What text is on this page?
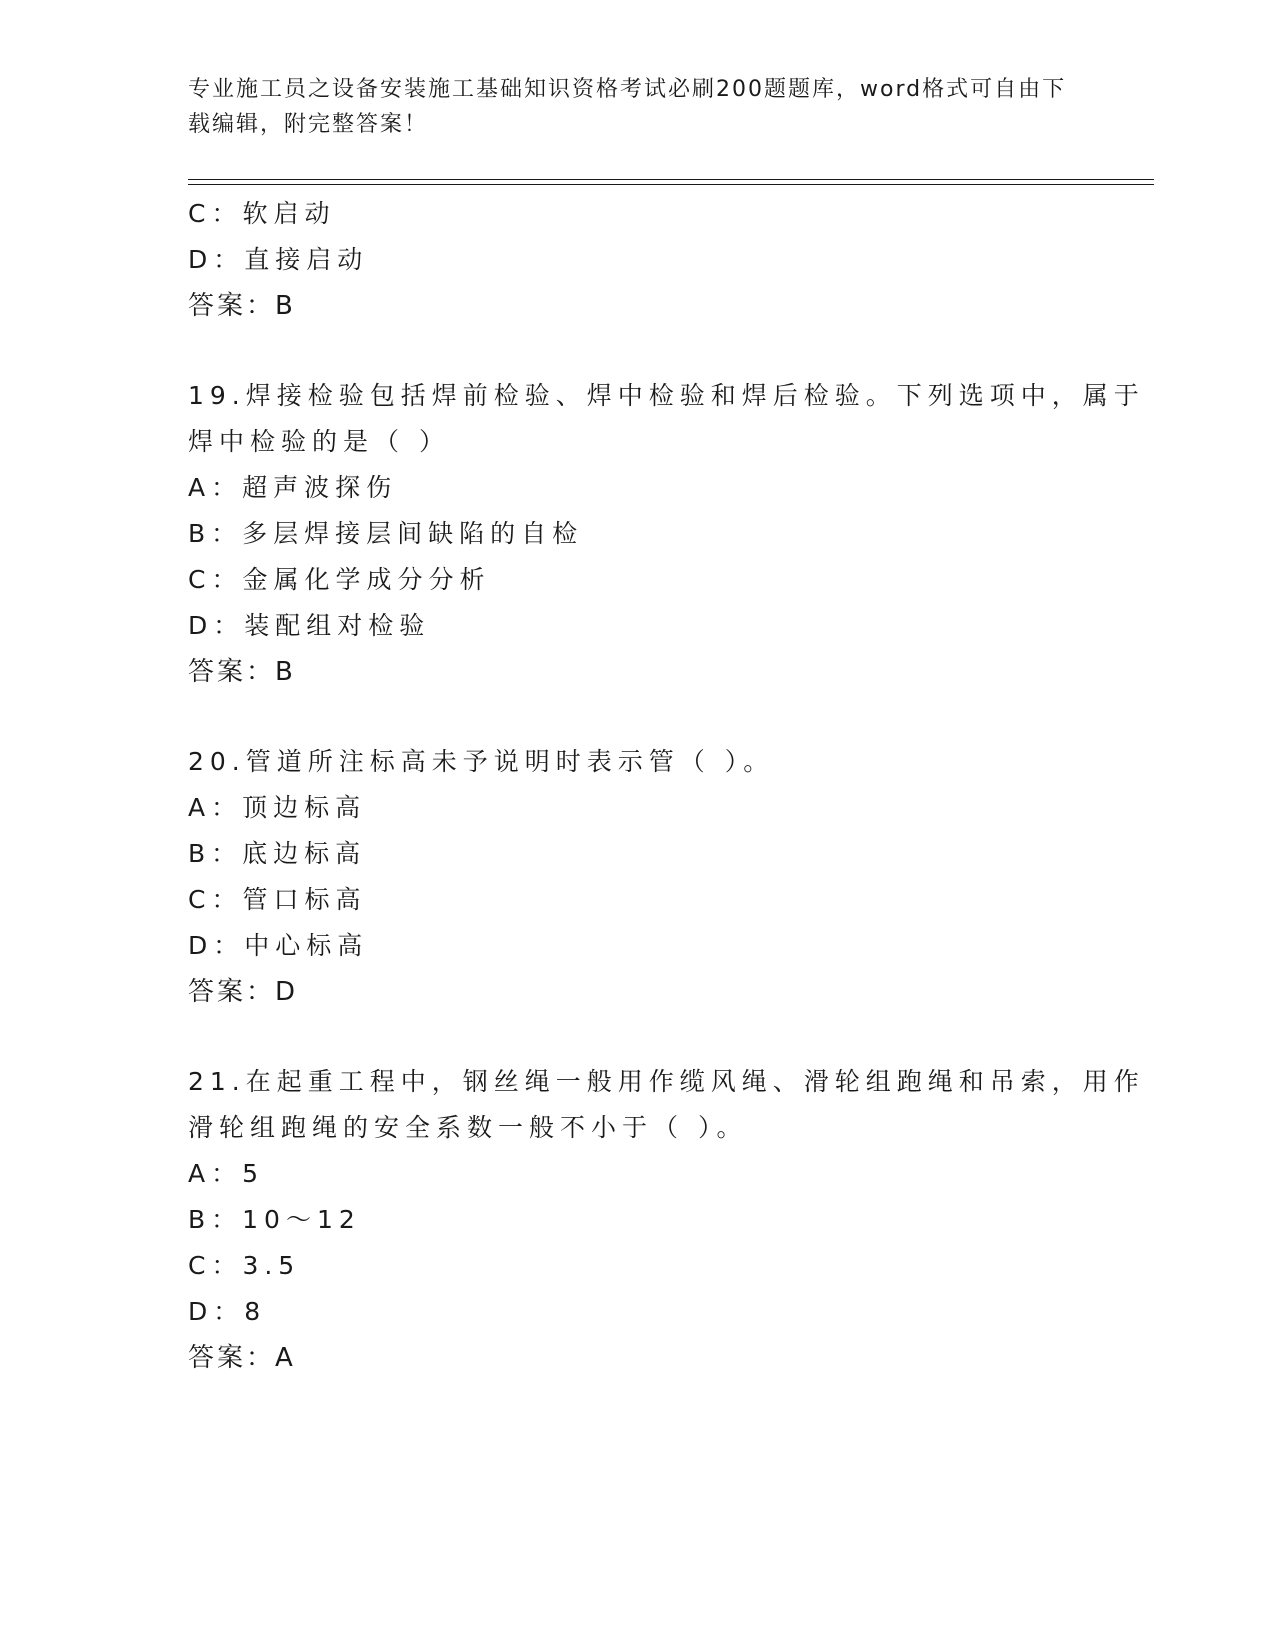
专业施工员之设备安装施工基础知识资格考试必刷200题题库，word格式可自由下载编辑，附完整答案！
C：软启动
D：直接启动
答案：B
19.焊接检验包括焊前检验、焊中检验和焊后检验。下列选项中，属于
焊中检验的是（ ）
A：超声波探伤
B：多层焊接层间缺陷的自检
C：金属化学成分分析
D：装配组对检验
答案：B
20.管道所注标高未予说明时表示管（ ）。
A：顶边标高
B：底边标高
C：管口标高
D：中心标高
答案：D
21.在起重工程中，钢丝绳一般用作缆风绳、滑轮组跑绳和吊索，用作
滑轮组跑绳的安全系数一般不小于（ ）。
A：5
B：10～12
C：3.5
D：8
答案：A
